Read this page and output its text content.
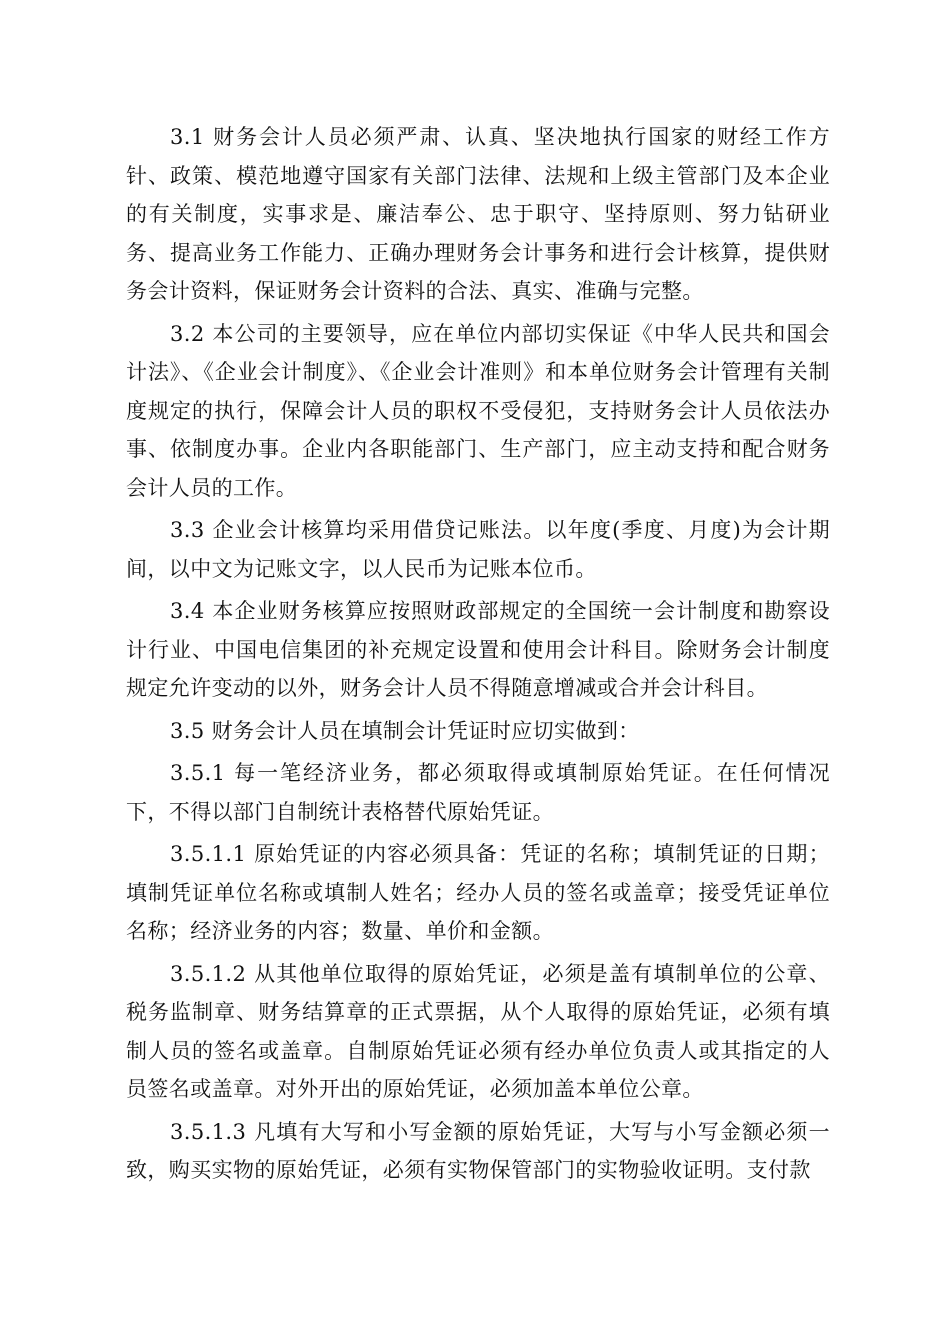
3.1 财务会计人员必须严肃、认真、坚决地执行国家的财经工作方针、政策、模范地遵守国家有关部门法律、法规和上级主管部门及本企业的有关制度，实事求是、廉洁奉公、忠于职守、坚持原则、努力钻研业务、提高业务工作能力、正确办理财务会计事务和进行会计核算，提供财务会计资料，保证财务会计资料的合法、真实、准确与完整。

3.2 本公司的主要领导，应在单位内部切实保证《中华人民共和国会计法》、《企业会计制度》、《企业会计准则》和本单位财务会计管理有关制度规定的执行，保障会计人员的职权不受侵犯，支持财务会计人员依法办事、依制度办事。企业内各职能部门、生产部门，应主动支持和配合财务会计人员的工作。

3.3 企业会计核算均采用借贷记账法。以年度(季度、月度)为会计期间，以中文为记账文字，以人民币为记账本位币。

3.4 本企业财务核算应按照财政部规定的全国统一会计制度和勘察设计行业、中国电信集团的补充规定设置和使用会计科目。除财务会计制度规定允许变动的以外，财务会计人员不得随意增减或合并会计科目。

3.5 财务会计人员在填制会计凭证时应切实做到：

3.5.1 每一笔经济业务，都必须取得或填制原始凭证。在任何情况下，不得以部门自制统计表格替代原始凭证。

3.5.1.1 原始凭证的内容必须具备：凭证的名称；填制凭证的日期；填制凭证单位名称或填制人姓名；经办人员的签名或盖章；接受凭证单位名称；经济业务的内容；数量、单价和金额。

3.5.1.2 从其他单位取得的原始凭证，必须是盖有填制单位的公章、税务监制章、财务结算章的正式票据，从个人取得的原始凭证，必须有填制人员的签名或盖章。自制原始凭证必须有经办单位负责人或其指定的人员签名或盖章。对外开出的原始凭证，必须加盖本单位公章。

3.5.1.3 凡填有大写和小写金额的原始凭证，大写与小写金额必须一致，购买实物的原始凭证，必须有实物保管部门的实物验收证明。支付款
